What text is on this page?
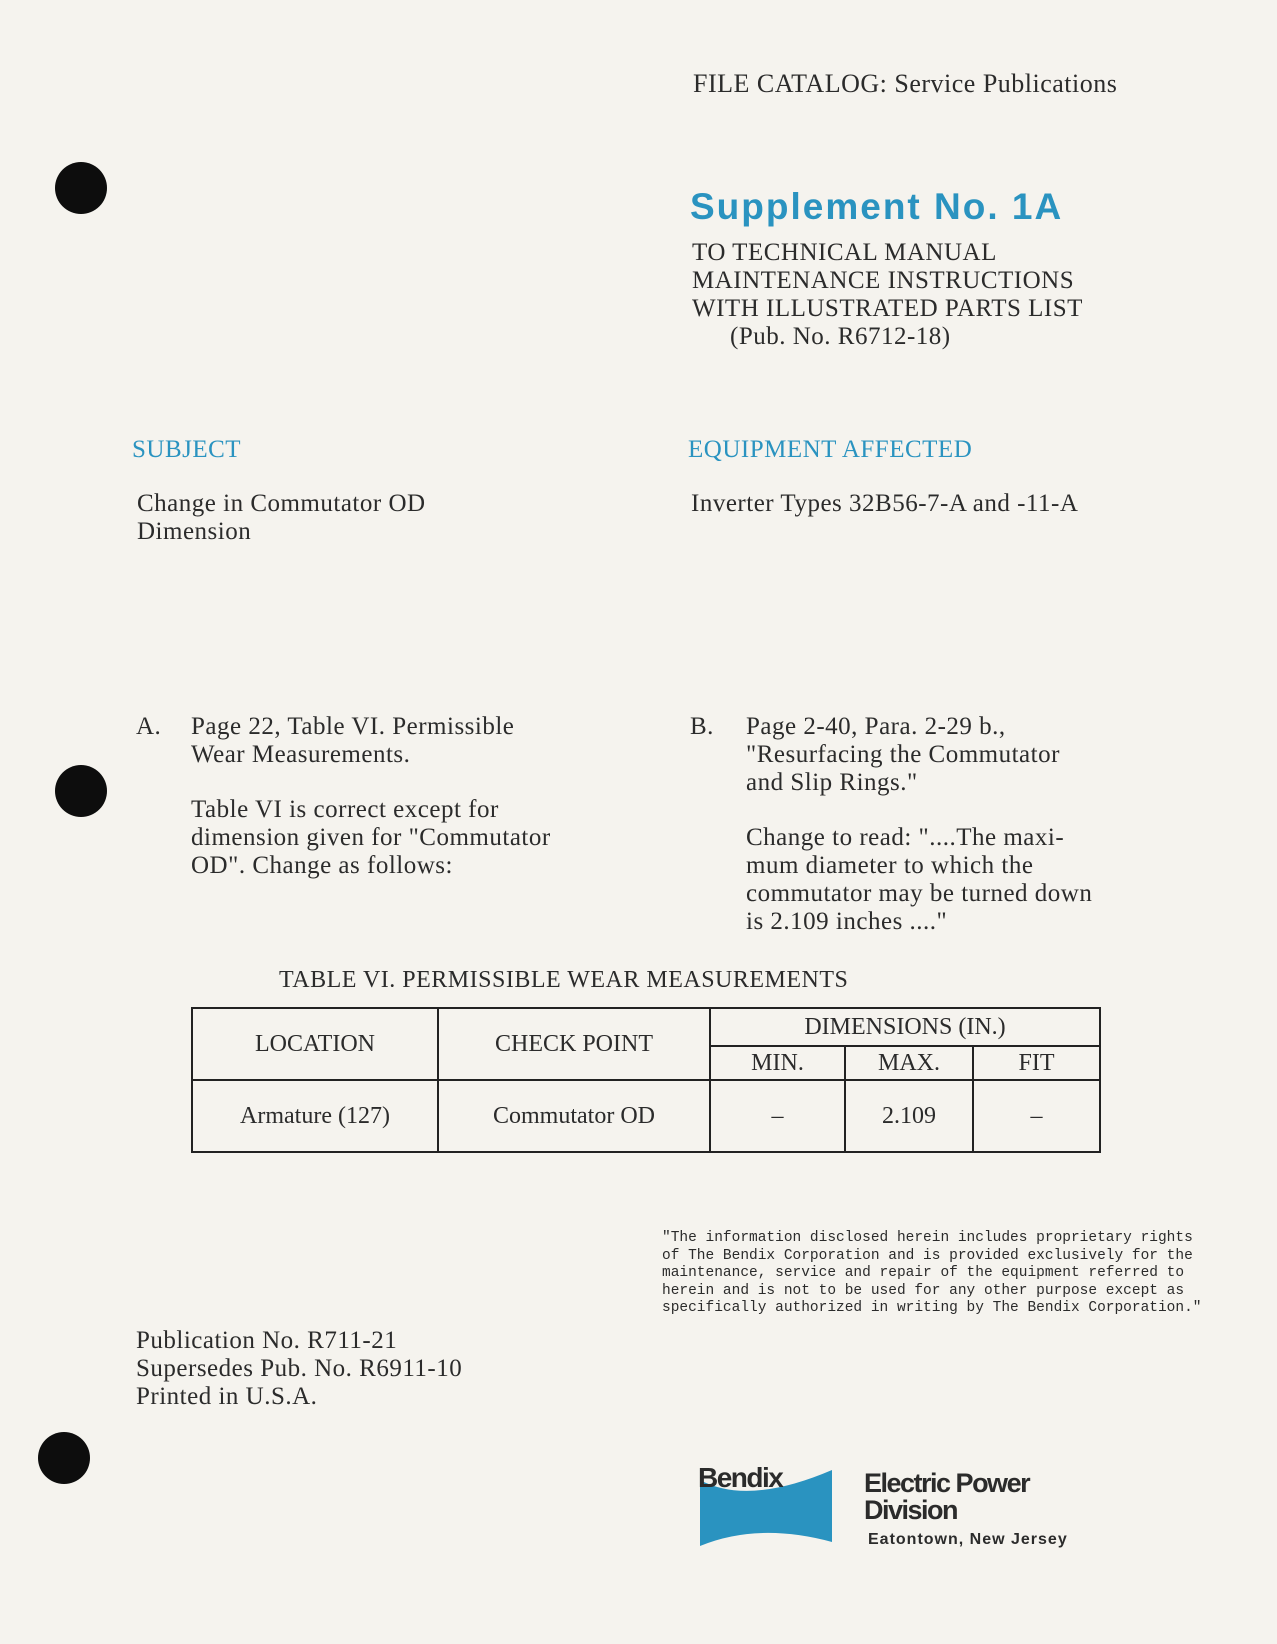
FILE CATALOG: Service Publications
Supplement No. 1A
TO TECHNICAL MANUAL
MAINTENANCE INSTRUCTIONS
WITH ILLUSTRATED PARTS LIST
(Pub. No. R6712-18)
SUBJECT
Change in Commutator OD
Dimension
EQUIPMENT AFFECTED
Inverter Types 32B56-7-A and -11-A
A. Page 22, Table VI. Permissible
Wear Measurements.
Table VI is correct except for
dimension given for "Commutator
OD". Change as follows:
B. Page 2-40, Para. 2-29 b.,
"Resurfacing the Commutator
and Slip Rings."
Change to read: "....The maxi-
mum diameter to which the
commutator may be turned down
is 2.109 inches ...."
TABLE VI. PERMISSIBLE WEAR MEASUREMENTS
LOCATION	CHECK POINT	DIMENSIONS (IN.)		
		MIN.	MAX.	FIT
Armature (127)	Commutator OD	–	2.109	–
"The information disclosed herein includes proprietary rights
of The Bendix Corporation and is provided exclusively for the
maintenance, service and repair of the equipment referred to
herein and is not to be used for any other purpose except as
specifically authorized in writing by The Bendix Corporation."
Publication No. R711-21
Supersedes Pub. No. R6911-10
Printed in U.S.A.
Bendix	Electric Power
Division
Eatontown, New Jersey
